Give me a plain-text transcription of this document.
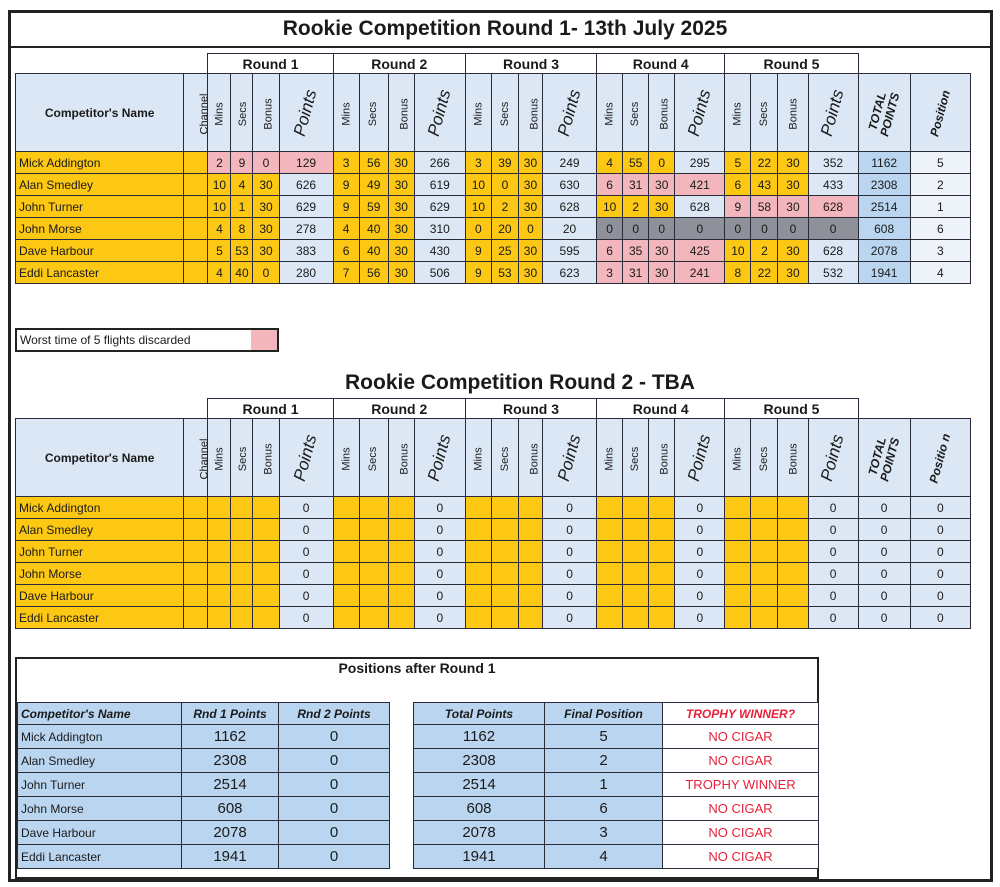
Rookie Competition Round 1- 13th July 2025
		Round 1				Round 2				Round 3				Round 4				Round 5					
Competitor's Name	Channel	Mins	Secs	Bonus	Points	Mins	Secs	Bonus	Points	Mins	Secs	Bonus	Points	Mins	Secs	Bonus	Points	Mins	Secs	Bonus	Points	TOTAL POINTS	Position
Mick Addington		2	9	0	129	3	56	30	266	3	39	30	249	4	55	0	295	5	22	30	352	1162	5
Alan Smedley		10	4	30	626	9	49	30	619	10	0	30	630	6	31	30	421	6	43	30	433	2308	2
John Turner		10	1	30	629	9	59	30	629	10	2	30	628	10	2	30	628	9	58	30	628	2514	1
John Morse		4	8	30	278	4	40	30	310	0	20	0	20	0	0	0	0	0	0	0	0	608	6
Dave Harbour		5	53	30	383	6	40	30	430	9	25	30	595	6	35	30	425	10	2	30	628	2078	3
Eddi Lancaster		4	40	0	280	7	56	30	506	9	53	30	623	3	31	30	241	8	22	30	532	1941	4
Worst time of 5 flights discarded
Rookie Competition Round 2 - TBA
		Round 1				Round 2				Round 3				Round 4				Round 5					
Competitor's Name	Channel	Mins	Secs	Bonus	Points	Mins	Secs	Bonus	Points	Mins	Secs	Bonus	Points	Mins	Secs	Bonus	Points	Mins	Secs	Bonus	Points	TOTAL POINTS	Positio n
Mick Addington					0				0				0				0				0	0	0
Alan Smedley					0				0				0				0				0	0	0
John Turner					0				0				0				0				0	0	0
John Morse					0				0				0				0				0	0	0
Dave Harbour					0				0				0				0				0	0	0
Eddi Lancaster					0				0				0				0				0	0	0
Positions after Round 1
Competitor's Name	Rnd 1 Points	Rnd 2 Points
Mick Addington	1162	0
Alan Smedley	2308	0
John Turner	2514	0
John Morse	608	0
Dave Harbour	2078	0
Eddi Lancaster	1941	0
Total Points	Final Position	TROPHY WINNER?
1162	5	NO CIGAR
2308	2	NO CIGAR
2514	1	TROPHY WINNER
608	6	NO CIGAR
2078	3	NO CIGAR
1941	4	NO CIGAR
